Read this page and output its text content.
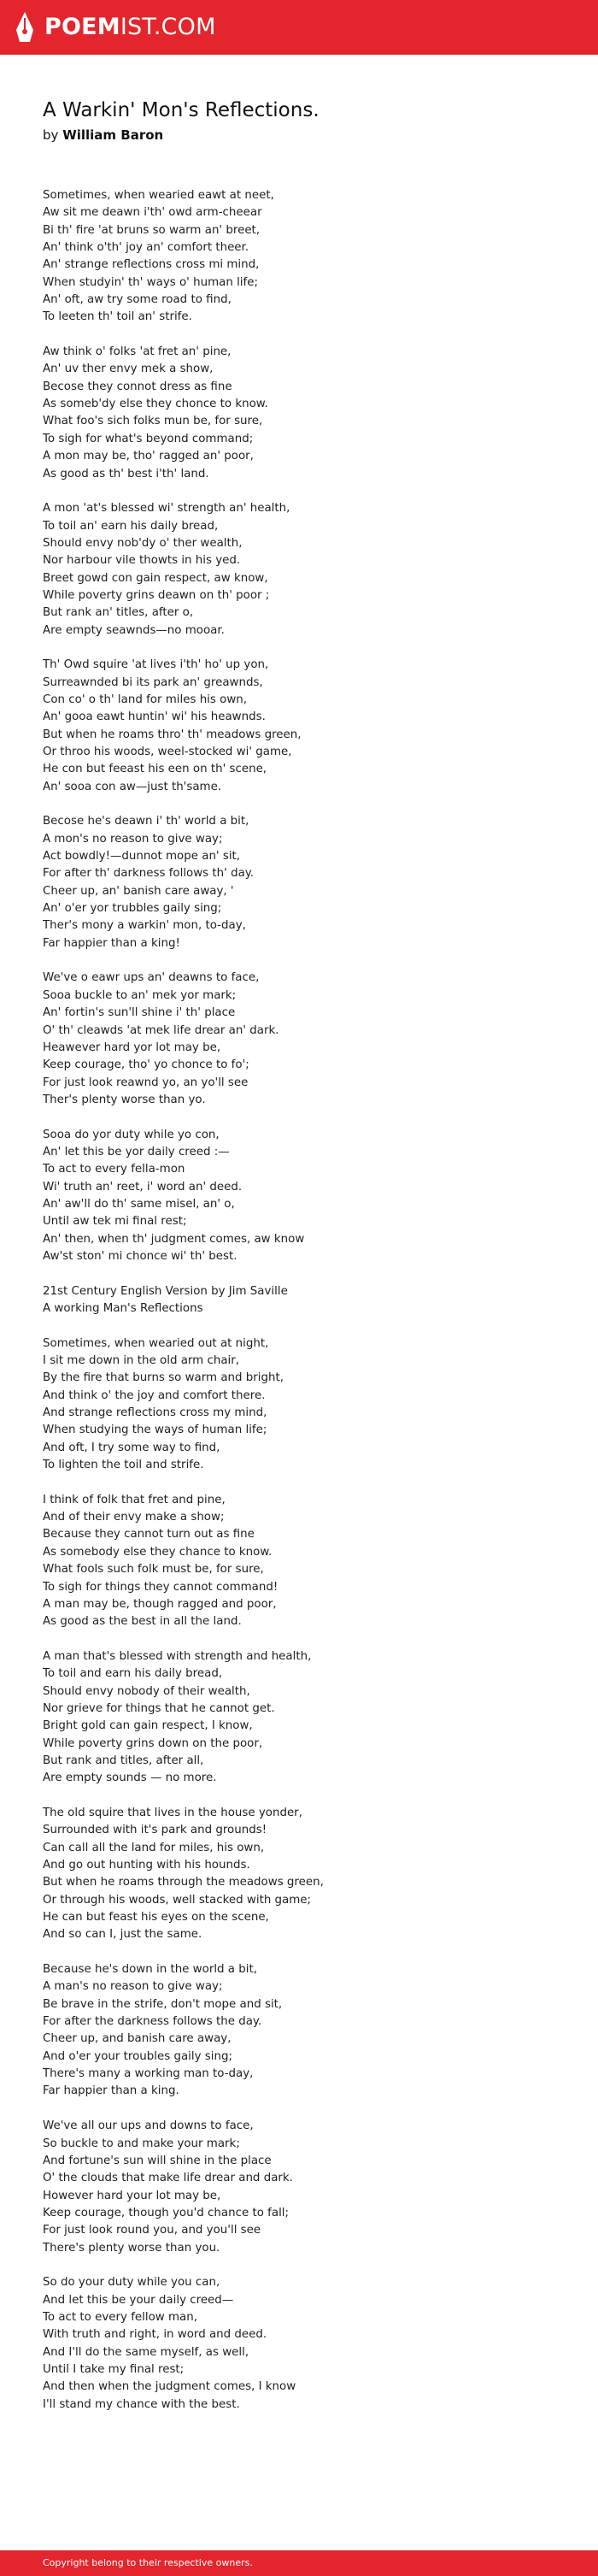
POEMIST.COM
A Warkin' Mon's Reflections.
by William Baron
Sometimes, when wearied eawt at neet,
Aw sit me deawn i'th' owd arm-cheear
Bi th' fire 'at bruns so warm an' breet,
An' think o'th' joy an' comfort theer.
An' strange reflections cross mi mind,
When studyin' th' ways o' human life;
An' oft, aw try some road to find,
To leeten th' toil an' strife.
Aw think o' folks 'at fret an' pine,
An' uv ther envy mek a show,
Becose they connot dress as fine
As someb'dy else they chonce to know.
What foo's sich folks mun be, for sure,
To sigh for what's beyond command;
A mon may be, tho' ragged an' poor,
As good as th' best i'th' land.
A mon 'at's blessed wi' strength an' health,
To toil an' earn his daily bread,
Should envy nob'dy o' ther wealth,
Nor harbour vile thowts in his yed.
Breet gowd con gain respect, aw know,
While poverty grins deawn on th' poor ;
But rank an' titles, after o,
Are empty seawnds—no mooar.
Th' Owd squire 'at lives i'th' ho' up yon,
Surreawnded bi its park an' greawnds,
Con co' o th' land for miles his own,
An' gooa eawt huntin' wi' his heawnds.
But when he roams thro' th' meadows green,
Or throo his woods, weel-stocked wi' game,
He con but feeast his een on th' scene,
An' sooa con aw—just th'same.
Becose he's deawn i' th' world a bit,
A mon's no reason to give way;
Act bowdly!—dunnot mope an' sit,
For after th' darkness follows th' day.
Cheer up, an' banish care away, '
An' o'er yor trubbles gaily sing;
Ther's mony a warkin' mon, to-day,
Far happier than a king!
We've o eawr ups an' deawns to face,
Sooa buckle to an' mek yor mark;
An' fortin's sun'll shine i' th' place
O' th' cleawds 'at mek life drear an' dark.
Heawever hard yor lot may be,
Keep courage, tho' yo chonce to fo';
For just look reawnd yo, an yo'll see
Ther's plenty worse than yo.
Sooa do yor duty while yo con,
An' let this be yor daily creed :—
To act to every fella-mon
Wi' truth an' reet, i' word an' deed.
An' aw'll do th' same misel, an' o,
Until aw tek mi final rest;
An' then, when th' judgment comes, aw know
Aw'st ston' mi chonce wi' th' best.
21st Century English Version by Jim Saville
A working Man's Reflections
Sometimes, when wearied out at night,
I sit me down in the old arm chair,
By the fire that burns so warm and bright,
And think o' the joy and comfort there.
And strange reflections cross my mind,
When studying the ways of human life;
And oft, I try some way to find,
To lighten the toil and strife.
I think of folk that fret and pine,
And of their envy make a show;
Because they cannot turn out as fine
As somebody else they chance to know.
What fools such folk must be, for sure,
To sigh for things they cannot command!
A man may be, though ragged and poor,
As good as the best in all the land.
A man that's blessed with strength and health,
To toil and earn his daily bread,
Should envy nobody of their wealth,
Nor grieve for things that he cannot get.
Bright gold can gain respect, I know,
While poverty grins down on the poor,
But rank and titles, after all,
Are empty sounds — no more.
The old squire that lives in the house yonder,
Surrounded with it's park and grounds!
Can call all the land for miles, his own,
And go out hunting with his hounds.
But when he roams through the meadows green,
Or through his woods, well stacked with game;
He can but feast his eyes on the scene,
And so can I, just the same.
Because he's down in the world a bit,
A man's no reason to give way;
Be brave in the strife, don't mope and sit,
For after the darkness follows the day.
Cheer up, and banish care away,
And o'er your troubles gaily sing;
There's many a working man to-day,
Far happier than a king.
We've all our ups and downs to face,
So buckle to and make your mark;
And fortune's sun will shine in the place
O' the clouds that make life drear and dark.
However hard your lot may be,
Keep courage, though you'd chance to fall;
For just look round you, and you'll see
There's plenty worse than you.
So do your duty while you can,
And let this be your daily creed—
To act to every fellow man,
With truth and right, in word and deed.
And I'll do the same myself, as well,
Until I take my final rest;
And then when the judgment comes, I know
I'll stand my chance with the best.
Copyright belong to their respective owners.
